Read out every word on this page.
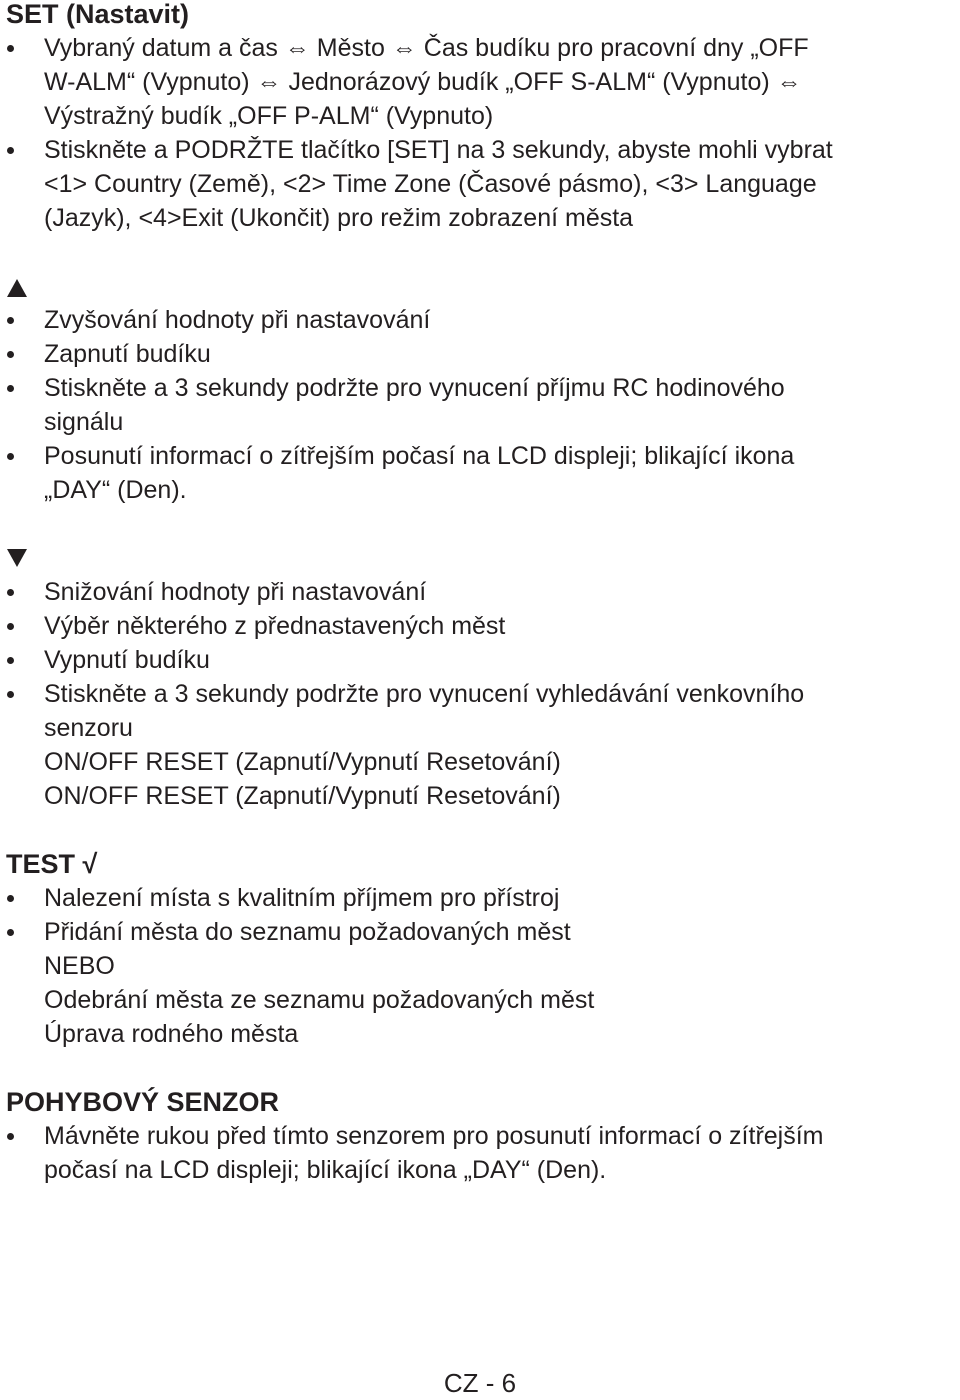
SET (Nastavit)

Vybraný datum a čas ⇔ Město ⇔ Čas budíku pro pracovní dny „OFF

W-ALM“ (Vypnuto) ⇔ Jednorázový budík „OFF S-ALM“ (Vypnuto) ⇔

Výstražný budík „OFF P-ALM“ (Vypnuto)

Stiskněte a PODRŽTE tlačítko [SET] na 3 sekundy, abyste mohli vybrat

<1> Country (Země), <2> Time Zone (Časové pásmo), <3> Language

(Jazyk), <4>Exit (Ukončit) pro režim zobrazení města

Zvyšování hodnoty při nastavování

Zapnutí budíku

Stiskněte a 3 sekundy podržte pro vynucení příjmu RC hodinového

signálu

Posunutí informací o zítřejším počasí na LCD displeji; blikající ikona

„DAY“ (Den).

Snižování hodnoty při nastavování

Výběr některého z přednastavených měst

Vypnutí budíku

Stiskněte a 3 sekundy podržte pro vynucení vyhledávání venkovního

senzoru

ON/OFF RESET (Zapnutí/Vypnutí Resetování)

ON/OFF RESET (Zapnutí/Vypnutí Resetování)

TEST √

Nalezení místa s kvalitním příjmem pro přístroj

Přidání města do seznamu požadovaných měst

NEBO

Odebrání města ze seznamu požadovaných měst

Úprava rodného města

POHYBOVÝ SENZOR

Mávněte rukou před tímto senzorem pro posunutí informací o zítřejším

počasí na LCD displeji; blikající ikona „DAY“ (Den).

CZ - 6
